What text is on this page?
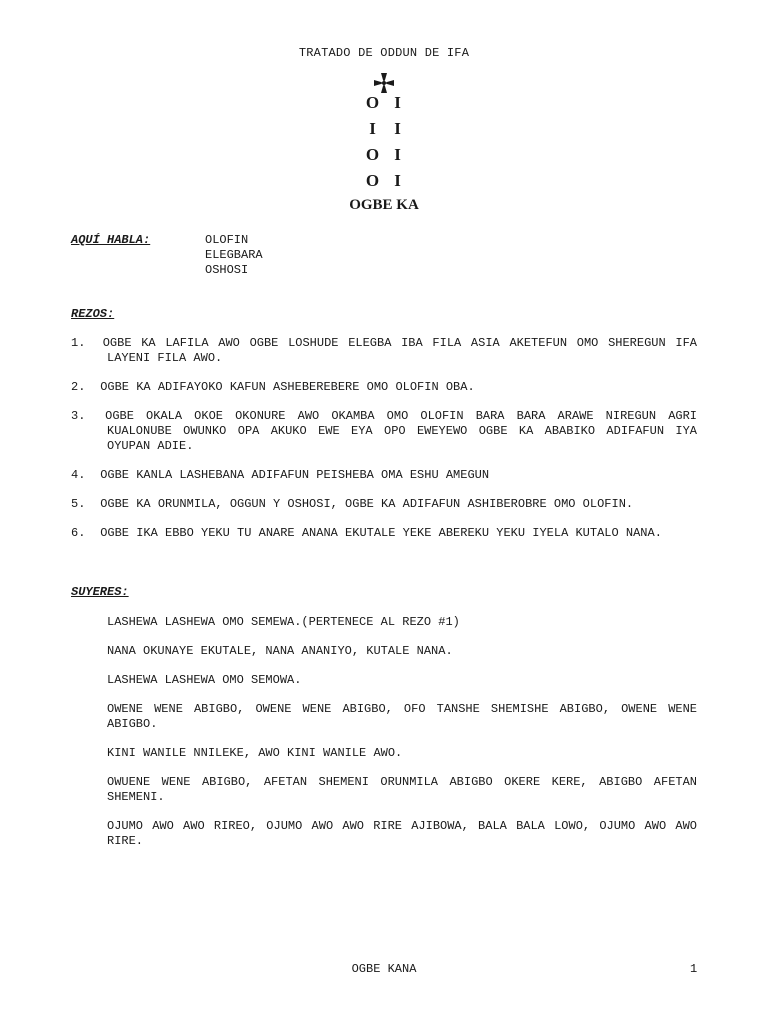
TRATADO DE ODDUN DE IFA
O I
I	I
O I
O I
OGBE KA
AQUÍ HABLA:	OLOFIN
ELEGBARA
OSHOSI
REZOS:
1. OGBE KA LAFILA AWO OGBE LOSHUDE ELEGBA IBA FILA ASIA AKETEFUN OMO SHEREGUN IFA LAYENI FILA AWO.
2. OGBE KA ADIFAYOKO KAFUN ASHEBEREBERE OMO OLOFIN OBA.
3. OGBE OKALA OKOE OKONURE AWO OKAMBA OMO OLOFIN BARA BARA ARAWE NIREGUN AGRI KUALONUBE OWUNKO OPA AKUKO EWE EYA OPO EWEYEWO OGBE KA ABABIKO ADIFAFUN IYA OYUPAN ADIE.
4. OGBE KANLA LASHEBANA ADIFAFUN PEISHEBA OMA ESHU AMEGUN
5. OGBE KA ORUNMILA, OGGUN Y OSHOSI, OGBE KA ADIFAFUN ASHIBEROBRE OMO OLOFIN.
6. OGBE IKA EBBO YEKU TU ANARE ANANA EKUTALE YEKE ABEREKU YEKU IYELA KUTALO NANA.
SUYERES:
LASHEWA LASHEWA OMO SEMEWA.(PERTENECE AL REZO #1)
NANA OKUNAYE EKUTALE, NANA ANANIYO, KUTALE NANA.
LASHEWA LASHEWA OMO SEMOWA.
OWENE WENE ABIGBO, OWENE WENE ABIGBO, OFO TANSHE SHEMISHE ABIGBO, OWENE WENE ABIGBO.
KINI WANILE NNILEKE, AWO KINI WANILE AWO.
OWUENE WENE ABIGBO, AFETAN SHEMENI ORUNMILA ABIGBO OKERE KERE, ABIGBO AFETAN SHEMENI.
OJUMO AWO AWO RIREO, OJUMO AWO AWO RIRE AJIBOWA, BALA BALA LOWO, OJUMO AWO AWO RIRE.
OGBE KANA	1
